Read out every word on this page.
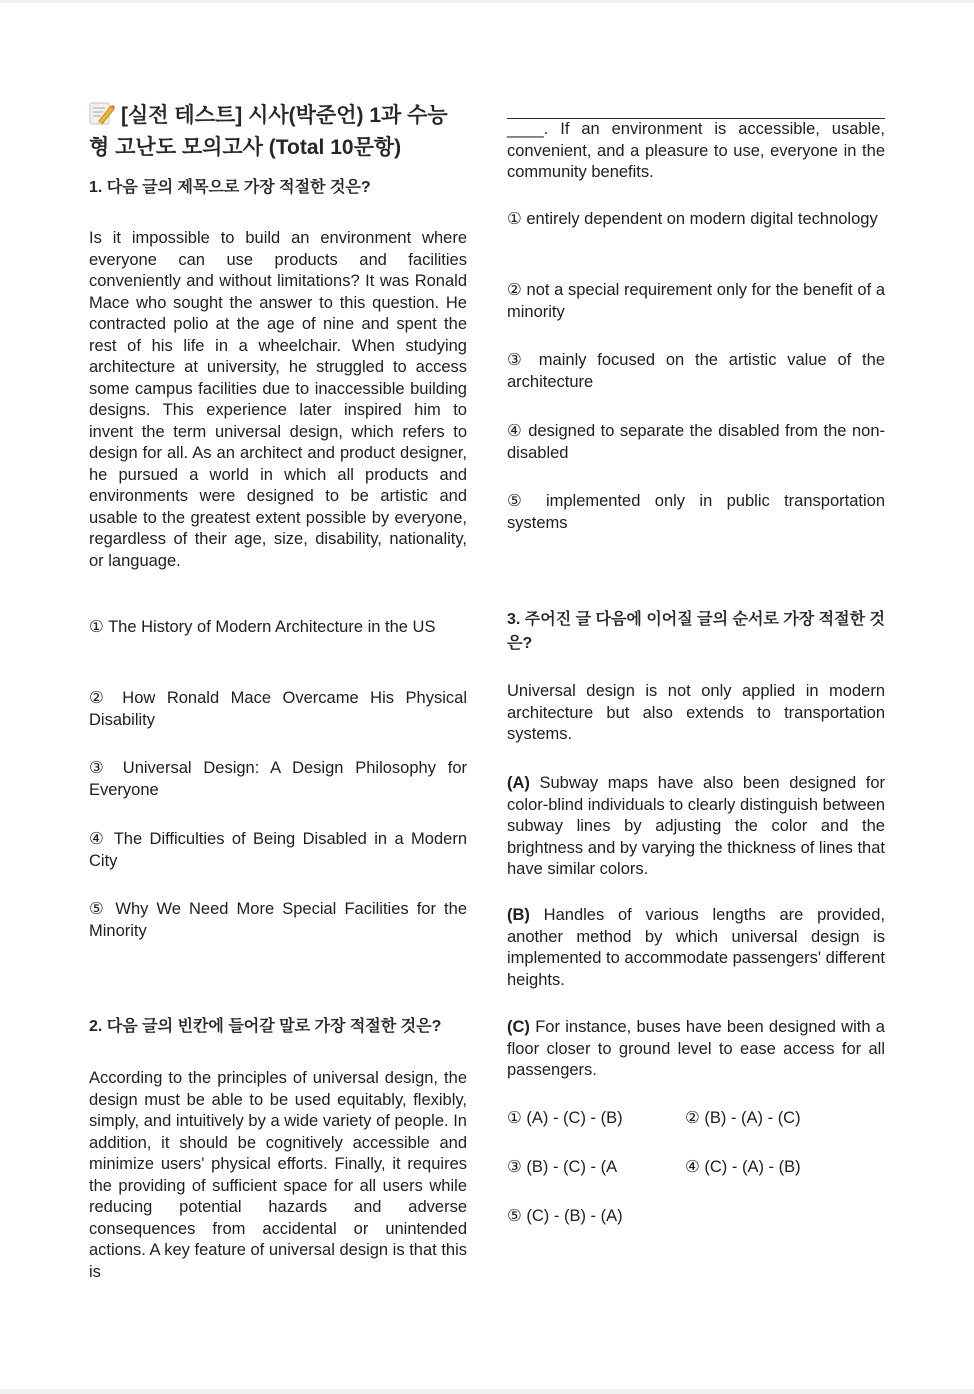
[실전 테스트] 시사(박준언) 1과 수능형 고난도 모의고사 (Total 10문항)

1. 다음 글의 제목으로 가장 적절한 것은?

Is it impossible to build an environment where everyone can use products and facilities conveniently and without limitations? It was Ronald Mace who sought the answer to this question. He contracted polio at the age of nine and spent the rest of his life in a wheelchair. When studying architecture at university, he struggled to access some campus facilities due to inaccessible building designs. This experience later inspired him to invent the term universal design, which refers to design for all. As an architect and product designer, he pursued a world in which all products and environments were designed to be artistic and usable to the greatest extent possible by everyone, regardless of their age, size, disability, nationality, or language.

① The History of Modern Architecture in the US

② How Ronald Mace Overcame His Physical Disability

③ Universal Design: A Design Philosophy for Everyone

④ The Difficulties of Being Disabled in a Modern City

⑤ Why We Need More Special Facilities for the Minority

2. 다음 글의 빈칸에 들어갈 말로 가장 적절한 것은?

According to the principles of universal design, the design must be able to be used equitably, flexibly, simply, and intuitively by a wide variety of people. In addition, it should be cognitively accessible and minimize users' physical efforts. Finally, it requires the providing of sufficient space for all users while reducing potential hazards and adverse consequences from accidental or unintended actions. A key feature of universal design is that this is

____. If an environment is accessible, usable, convenient, and a pleasure to use, everyone in the community benefits.

① entirely dependent on modern digital technology

② not a special requirement only for the benefit of a minority

③ mainly focused on the artistic value of the architecture

④ designed to separate the disabled from the non-disabled

⑤ implemented only in public transportation systems

3. 주어진 글 다음에 이어질 글의 순서로 가장 적절한 것은?

Universal design is not only applied in modern architecture but also extends to transportation systems.

(A) Subway maps have also been designed for color-blind individuals to clearly distinguish between subway lines by adjusting the color and the brightness and by varying the thickness of lines that have similar colors.

(B) Handles of various lengths are provided, another method by which universal design is implemented to accommodate passengers' different heights.

(C) For instance, buses have been designed with a floor closer to ground level to ease access for all passengers.

① (A) - (C) - (B)	② (B) - (A) - (C)
③ (B) - (C) - (A	④ (C) - (A) - (B)
⑤ (C) - (B) - (A)
